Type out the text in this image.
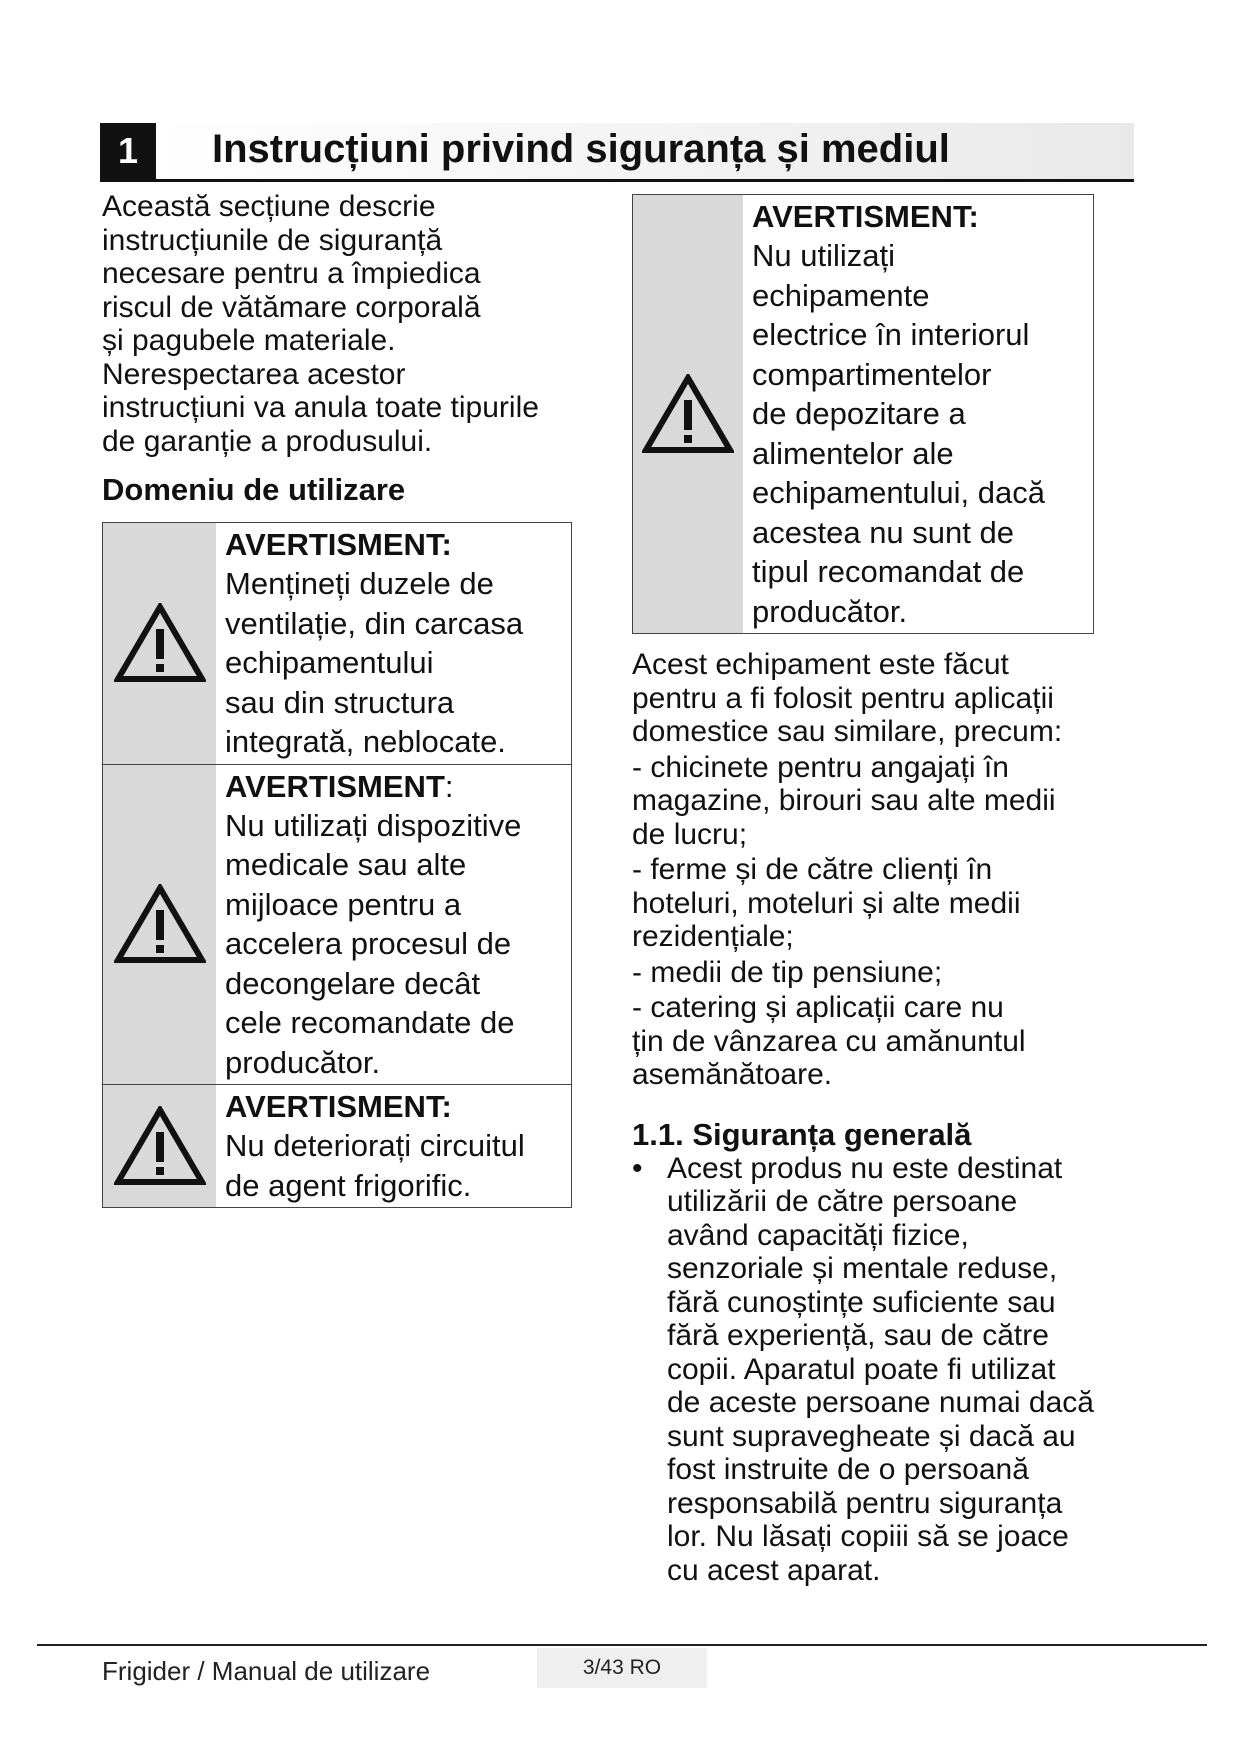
1	Instrucțiuni privind siguranța și mediul

Această secțiune descrie

instrucțiunile de siguranță

necesare pentru a împiedica

riscul de vătămare corporală

și pagubele materiale.

Nerespectarea acestor

instrucțiuni va anula toate tipurile

de garanție a produsului.

Domeniu de utilizare
AVERTISMENT:
Mențineți duzele de
ventilație, din carcasa
echipamentului
sau din structura
integrată, neblocate.
AVERTISMENT:
Nu utilizați dispozitive
medicale sau alte
mijloace pentru a
accelera procesul de
decongelare decât
cele recomandate de
producător.
AVERTISMENT:
Nu deteriorați circuitul
de agent frigorific.
AVERTISMENT:
Nu utilizați
echipamente
electrice în interiorul
compartimentelor
de depozitare a
alimentelor ale
echipamentului, dacă
acestea nu sunt de
tipul recomandat de
producător.

Acest echipament este făcut

pentru a fi folosit pentru aplicații

domestice sau similare, precum:

- chicinete pentru angajați în

magazine, birouri sau alte medii

de lucru;

- ferme și de către clienți în

hoteluri, moteluri și alte medii

rezidențiale;

- medii de tip pensiune;

- catering și aplicații care nu

țin de vânzarea cu amănuntul

asemănătoare.

1.1. Siguranța generală
• Acest produs nu este destinat

utilizării de către persoane

având capacități fizice,

senzoriale și mentale reduse,

fără cunoștințe suficiente sau

fără experiență, sau de către

copii. Aparatul poate fi utilizat

de aceste persoane numai dacă

sunt supravegheate și dacă au

fost instruite de o persoană

responsabilă pentru siguranța

lor. Nu lăsați copiii să se joace

cu acest aparat.

Frigider / Manual de utilizare	3/43 RO
